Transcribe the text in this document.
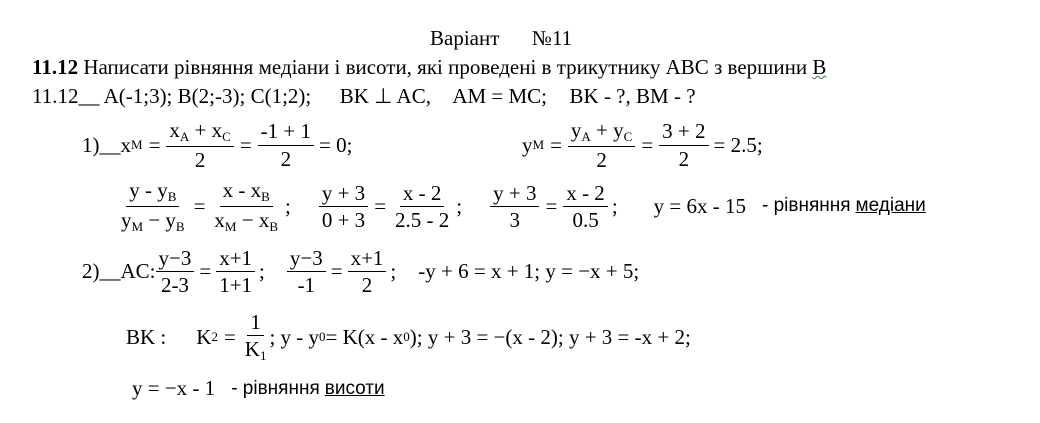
Варіант №11
11.12 Написати рівняння медіани і висоти, які проведені в трикутнику ABC з вершини B
11.12__ A(-1;3); B(2;-3); C(1;2); BK ⊥ AC, AM = MC; BK - ?, BM - ?
1) __ x $M = \frac{x_A + x_C}{2} = \frac{-1 + 1}{2} = 0$;	y $M = \frac{y_A + y_C}{2} = \frac{3 + 2}{2} = 2.5$;
$\frac{y - y_B}{y_M - y_B} = \frac{x - x_B}{x_M - x_B}$ ; $\frac{y + 3}{0 + 3} = \frac{x - 2}{2.5 - 2}$ ; $\frac{y + 3}{3} = \frac{x - 2}{0.5}$ ; y = 6x - 15 - рівняння медіани
2) __ AC: $\frac{y-3}{2-3} = \frac{x+1}{1+1}$ ; $\frac{y-3}{-1} = \frac{x+1}{2}$ ; -y + 6 = x + 1; y = −x + 5;
BK : K $2 = \frac{1}{K_1}$ ; y - y 0 = K(x - x 0 ); y + 3 = −(x - 2); y + 3 = -x + 2;
y = −x - 1 - рівняння висоти
